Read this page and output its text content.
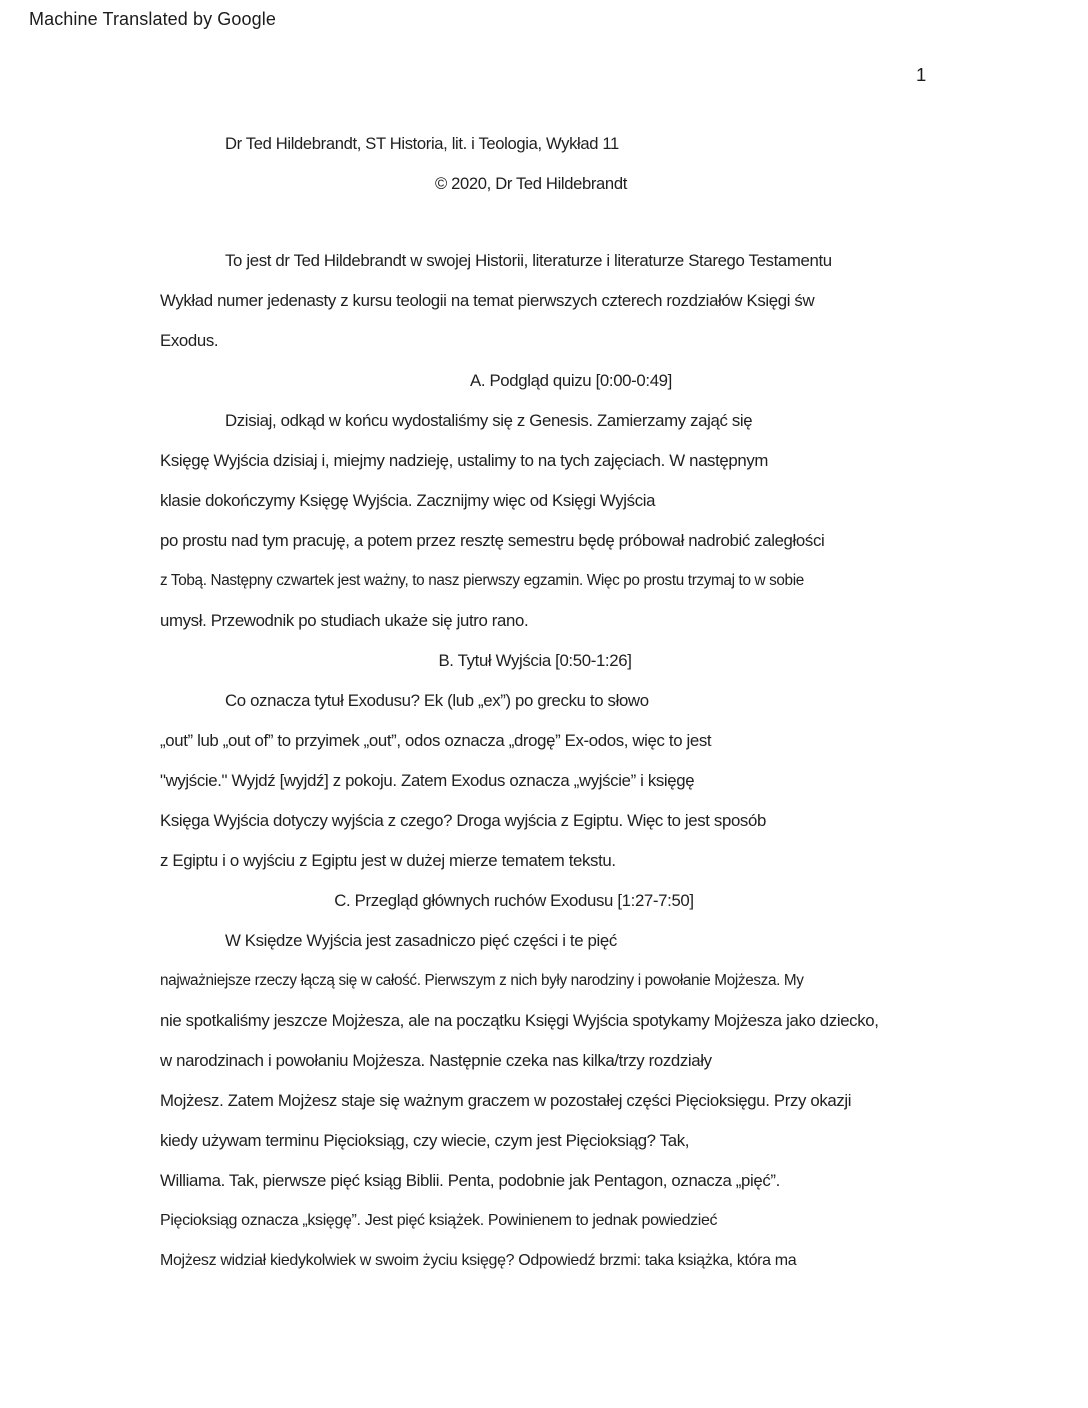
Machine Translated by Google
1
Dr Ted Hildebrandt, ST Historia, lit. i Teologia, Wykład 11
© 2020, Dr Ted Hildebrandt
To jest dr Ted Hildebrandt w swojej Historii, literaturze i literaturze Starego Testamentu
Wykład numer jedenasty z kursu teologii na temat pierwszych czterech rozdziałów Księgi św
Exodus.
A. Podgląd quizu [0:00-0:49]
Dzisiaj, odkąd w końcu wydostaliśmy się z Genesis. Zamierzamy zająć się
Księgę Wyjścia dzisiaj i, miejmy nadzieję, ustalimy to na tych zajęciach. W następnym
klasie dokończymy Księgę Wyjścia. Zacznijmy więc od Księgi Wyjścia
po prostu nad tym pracuję, a potem przez resztę semestru będę próbował nadrobić zaległości
z Tobą. Następny czwartek jest ważny, to nasz pierwszy egzamin. Więc po prostu trzymaj to w sobie
umysł. Przewodnik po studiach ukaże się jutro rano.
B. Tytuł Wyjścia [0:50-1:26]
Co oznacza tytuł Exodusu? Ek (lub „ex”) po grecku to słowo
„out” lub „out of” to przyimek „out”, odos oznacza „drogę” Ex-odos, więc to jest
"wyjście." Wyjdź [wyjdź] z pokoju. Zatem Exodus oznacza „wyjście” i księgę
Księga Wyjścia dotyczy wyjścia z czego? Droga wyjścia z Egiptu. Więc to jest sposób
z Egiptu i o wyjściu z Egiptu jest w dużej mierze tematem tekstu.
C. Przegląd głównych ruchów Exodusu [1:27-7:50]
W Księdze Wyjścia jest zasadniczo pięć części i te pięć
najważniejsze rzeczy łączą się w całość. Pierwszym z nich były narodziny i powołanie Mojżesza. My
nie spotkaliśmy jeszcze Mojżesza, ale na początku Księgi Wyjścia spotykamy Mojżesza jako dziecko,
w narodzinach i powołaniu Mojżesza. Następnie czeka nas kilka/trzy rozdziały
Mojżesz. Zatem Mojżesz staje się ważnym graczem w pozostałej części Pięcioksięgu. Przy okazji
kiedy używam terminu Pięcioksiąg, czy wiecie, czym jest Pięcioksiąg? Tak,
Williama. Tak, pierwsze pięć ksiąg Biblii. Penta, podobnie jak Pentagon, oznacza „pięć”.
Pięcioksiąg oznacza „księgę”. Jest pięć książek. Powinienem to jednak powiedzieć
Mojżesz widział kiedykolwiek w swoim życiu księgę? Odpowiedź brzmi: taka książka, która ma
